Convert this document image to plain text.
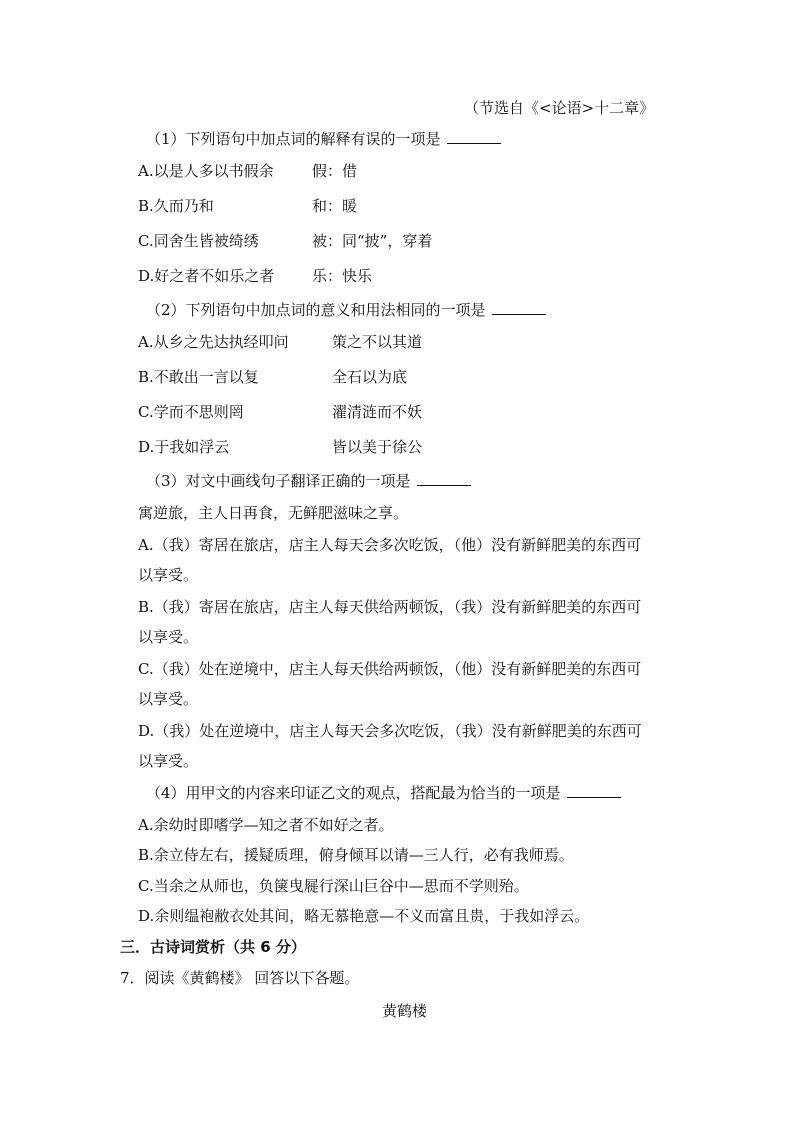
（节选自《<论语>十二章》
（1）下列语句中加点词的解释有误的一项是
A.以是人多以书假余	假：借
B.久而乃和	和：暖
C.同舍生皆被绮绣	被：同“披”，穿着
D.好之者不如乐之者	乐：快乐
（2）下列语句中加点词的意义和用法相同的一项是
A.从乡之先达执经叩问	策之不以其道
B.不敢出一言以复	全石以为底
C.学而不思则罔	濯清涟而不妖
D.于我如浮云	皆以美于徐公
（3）对文中画线句子翻译正确的一项是
寓逆旅，主人日再食，无鲜肥滋味之享。
A.（我）寄居在旅店，店主人每天会多次吃饭，（他）没有新鲜肥美的东西可
以享受。
B.（我）寄居在旅店，店主人每天供给两顿饭，（我）没有新鲜肥美的东西可
以享受。
C.（我）处在逆境中，店主人每天供给两顿饭，（他）没有新鲜肥美的东西可
以享受。
D.（我）处在逆境中，店主人每天会多次吃饭，（我）没有新鲜肥美的东西可
以享受。
（4）用甲文的内容来印证乙文的观点，搭配最为恰当的一项是
A.余幼时即嗜学—知之者不如好之者。
B.余立侍左右，援疑质理，俯身倾耳以请—三人行，必有我师焉。
C.当余之从师也，负箧曳屣行深山巨谷中—思而不学则殆。
D.余则缊袍敝衣处其间，略无慕艳意—不义而富且贵，于我如浮云。
三．古诗词赏析（共 6 分）
7．阅读《黄鹤楼》 回答以下各题。
黄鹤楼
